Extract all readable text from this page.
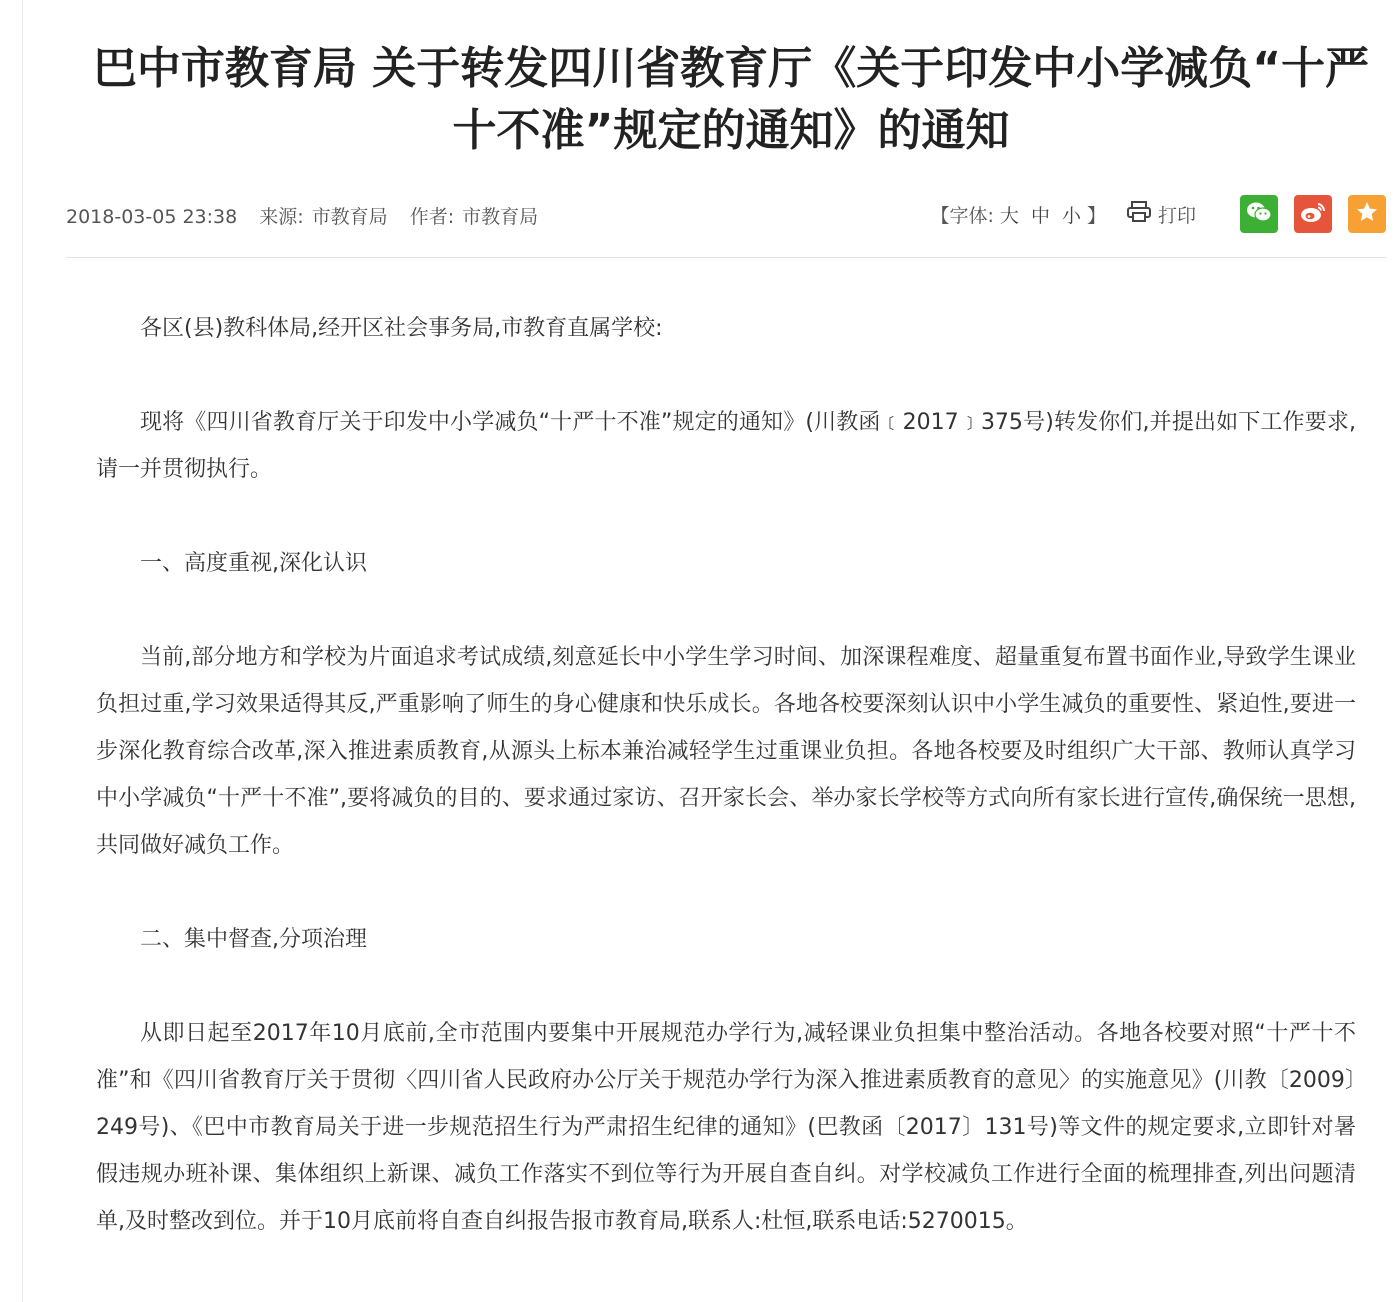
巴中市教育局 关于转发四川省教育厅《关于印发中小学减负“十严十不准”规定的通知》的通知
2018-03-05 23:38 来源: 市教育局 作者: 市教育局	【字体: 大 中 小 】	打印

各区(县)教科体局,经开区社会事务局,市教育直属学校:

现将《四川省教育厅关于印发中小学减负“十严十不准”规定的通知》(川教函﹝2017﹞375号)转发你们,并提出如下工作要求,请一并贯彻执行。

一、高度重视,深化认识

当前,部分地方和学校为片面追求考试成绩,刻意延长中小学生学习时间、加深课程难度、超量重复布置书面作业,导致学生课业负担过重,学习效果适得其反,严重影响了师生的身心健康和快乐成长。各地各校要深刻认识中小学生减负的重要性、紧迫性,要进一步深化教育综合改革,深入推进素质教育,从源头上标本兼治减轻学生过重课业负担。各地各校要及时组织广大干部、教师认真学习中小学减负“十严十不准”,要将减负的目的、要求通过家访、召开家长会、举办家长学校等方式向所有家长进行宣传,确保统一思想,共同做好减负工作。

二、集中督查,分项治理

从即日起至2017年10月底前,全市范围内要集中开展规范办学行为,减轻课业负担集中整治活动。各地各校要对照“十严十不准”和《四川省教育厅关于贯彻〈四川省人民政府办公厅关于规范办学行为深入推进素质教育的意见〉的实施意见》(川教〔2009〕249号)、《巴中市教育局关于进一步规范招生行为严肃招生纪律的通知》(巴教函〔2017〕131号)等文件的规定要求,立即针对暑假违规办班补课、集体组织上新课、减负工作落实不到位等行为开展自查自纠。对学校减负工作进行全面的梳理排查,列出问题清单,及时整改到位。并于10月底前将自查自纠报告报市教育局,联系人:杜恒,联系电话:5270015。
